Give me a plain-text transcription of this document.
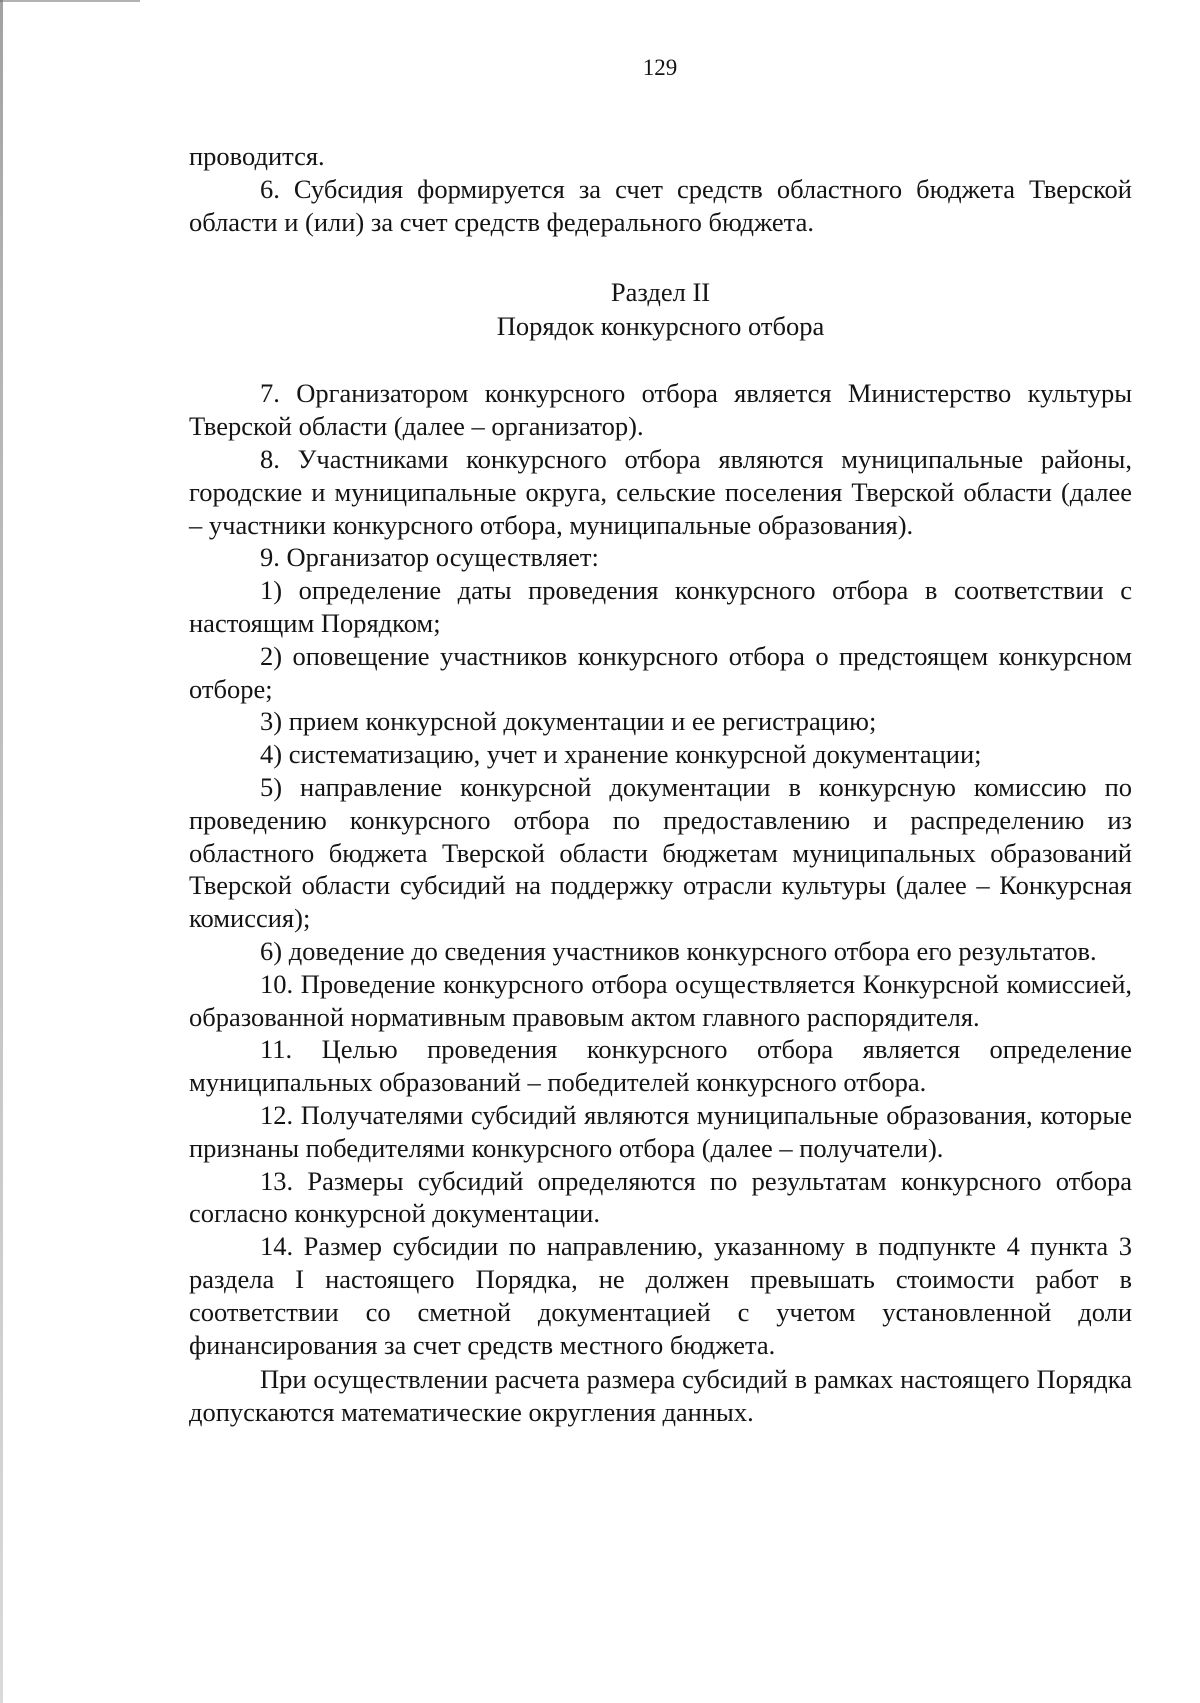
129

проводится.

6. Субсидия формируется за счет средств областного бюджета Тверской области и (или) за счет средств федерального бюджета.

Раздел II

Порядок конкурсного отбора

7. Организатором конкурсного отбора является Министерство культуры Тверской области (далее – организатор).

8. Участниками конкурсного отбора являются муниципальные районы, городские и муниципальные округа, сельские поселения Тверской области (далее – участники конкурсного отбора, муниципальные образования).

9. Организатор осуществляет:

1) определение даты проведения конкурсного отбора в соответствии с настоящим Порядком;

2) оповещение участников конкурсного отбора о предстоящем конкурсном отборе;

3) прием конкурсной документации и ее регистрацию;

4) систематизацию, учет и хранение конкурсной документации;

5) направление конкурсной документации в конкурсную комиссию по проведению конкурсного отбора по предоставлению и распределению из областного бюджета Тверской области бюджетам муниципальных образований Тверской области субсидий на поддержку отрасли культуры (далее – Конкурсная комиссия);

6) доведение до сведения участников конкурсного отбора его результатов.

10. Проведение конкурсного отбора осуществляется Конкурсной комиссией, образованной нормативным правовым актом главного распорядителя.

11. Целью проведения конкурсного отбора является определение муниципальных образований – победителей конкурсного отбора.

12. Получателями субсидий являются муниципальные образования, которые признаны победителями конкурсного отбора (далее – получатели).

13. Размеры субсидий определяются по результатам конкурсного отбора согласно конкурсной документации.

14. Размер субсидии по направлению, указанному в подпункте 4 пункта 3 раздела I настоящего Порядка, не должен превышать стоимости работ в соответствии со сметной документацией с учетом установленной доли финансирования за счет средств местного бюджета.

При осуществлении расчета размера субсидий в рамках настоящего Порядка допускаются математические округления данных.
